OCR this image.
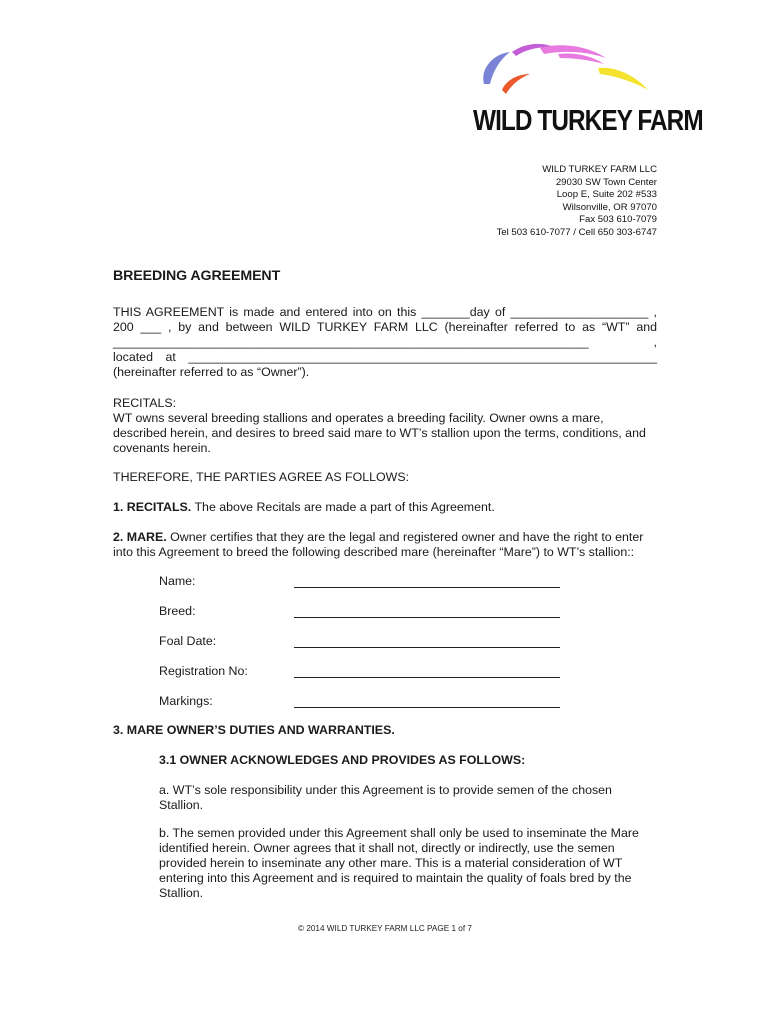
WILD TURKEY FARM
WILD TURKEY FARM LLC
29030 SW Town Center
Loop E, Suite 202 #533
Wilsonville, OR 97070
Fax 503 610-7079
Tel 503 610-7077 / Cell 650 303-6747
BREEDING AGREEMENT
THIS AGREEMENT is made and entered into on this _______day of ____________________ ,
200 ___ , by and between WILD TURKEY FARM LLC (hereinafter referred to as “WT” and
_____________________________________________________________________ ,
located at ____________________________________________________________________
(hereinafter referred to as “Owner”).
RECITALS:
WT owns several breeding stallions and operates a breeding facility. Owner owns a mare,
described herein, and desires to breed said mare to WT’s stallion upon the terms, conditions, and
covenants herein.
THEREFORE, THE PARTIES AGREE AS FOLLOWS:
1. RECITALS. The above Recitals are made a part of this Agreement.
2. MARE. Owner certifies that they are the legal and registered owner and have the right to enter
into this Agreement to breed the following described mare (hereinafter “Mare”) to WT’s stallion::
Name:
Breed:
Foal Date:
Registration No:
Markings:
3. MARE OWNER’S DUTIES AND WARRANTIES.
3.1 OWNER ACKNOWLEDGES AND PROVIDES AS FOLLOWS:
a. WT’s sole responsibility under this Agreement is to provide semen of the chosen
Stallion.
b. The semen provided under this Agreement shall only be used to inseminate the Mare
identified herein. Owner agrees that it shall not, directly or indirectly, use the semen
provided herein to inseminate any other mare. This is a material consideration of WT
entering into this Agreement and is required to maintain the quality of foals bred by the
Stallion.
© 2014 WILD TURKEY FARM LLC PAGE 1 of 7
